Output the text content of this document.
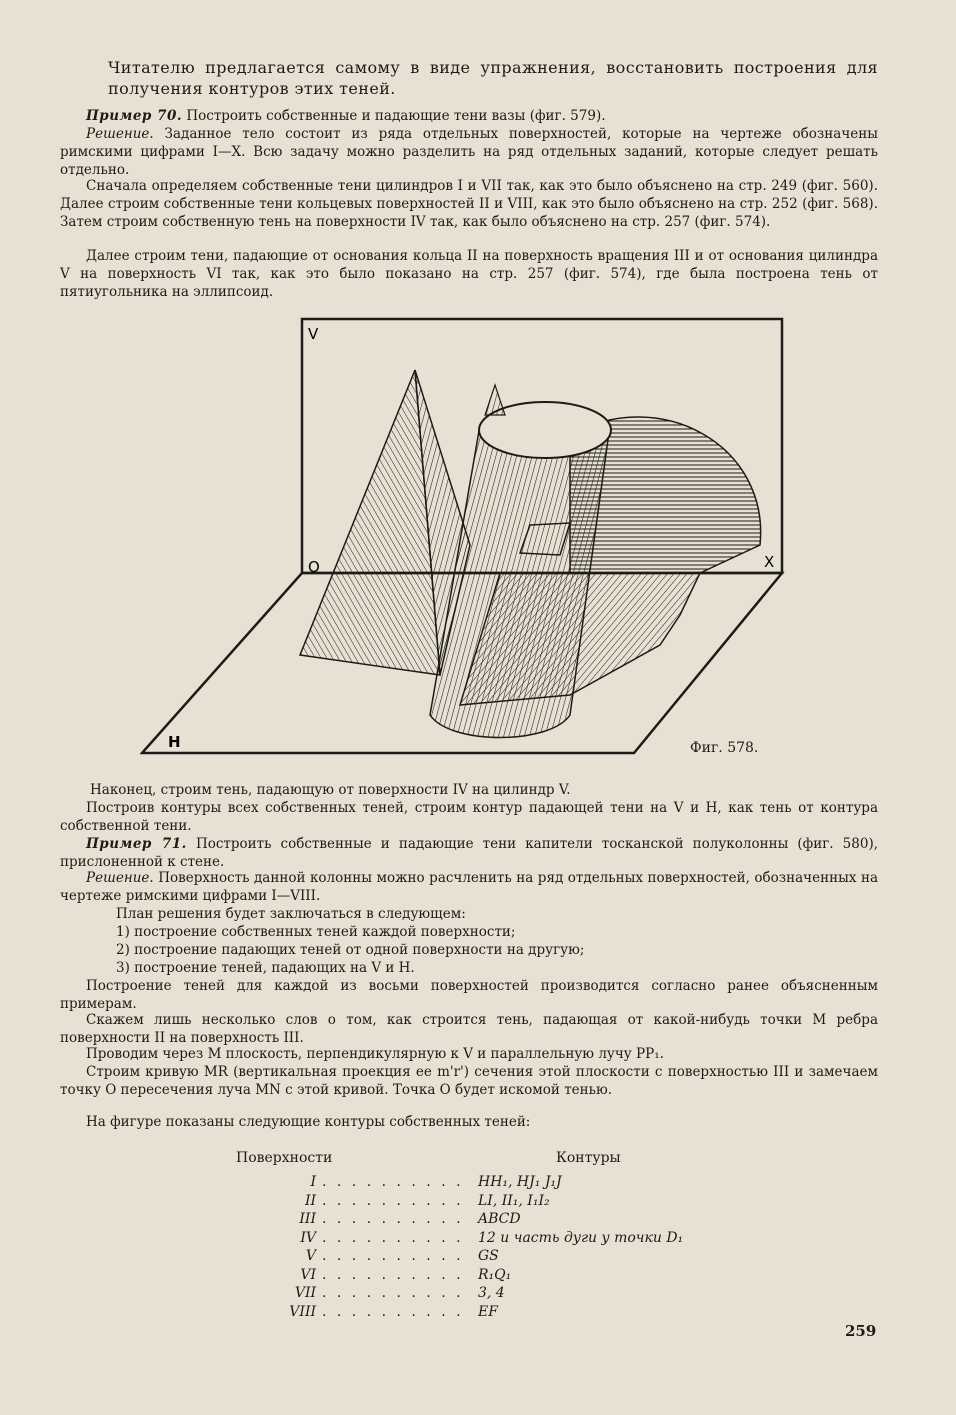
Читателю предлагается самому в виде упражнения, восстановить построения для получения контуров этих теней.

Пример 70. Построить собственные и падающие тени вазы (фиг. 579).

Решение. Заданное тело состоит из ряда отдельных поверхностей, которые на чертеже обозначены римскими цифрами I—X. Всю задачу можно разделить на ряд отдельных заданий, которые следует решать отдельно.

Сначала определяем собственные тени цилиндров I и VII так, как это было объяснено на стр. 249 (фиг. 560). Далее строим собственные тени кольцевых поверхностей II и VIII, как это было объяснено на стр. 252 (фиг. 568). Затем строим собственную тень на поверхности IV так, как было объяснено на стр. 257 (фиг. 574).

Далее строим тени, падающие от основания кольца II на поверхность вращения III и от основания цилиндра V на поверхность VI так, как это было показано на стр. 257 (фиг. 574), где была построена тень от пятиугольника на эллипсоид.

V
O	X
H	Фиг. 578.

Наконец, строим тень, падающую от поверхности IV на цилиндр V.

Построив контуры всех собственных теней, строим контур падающей тени на V и H, как тень от контура собственной тени.

Пример 71. Построить собственные и падающие тени капители тосканской полуколонны (фиг. 580), прислоненной к стене.

Решение. Поверхность данной колонны можно расчленить на ряд отдельных поверхностей, обозначенных на чертеже римскими цифрами I—VIII.

План решения будет заключаться в следующем:

1) построение собственных теней каждой поверхности;

2) построение падающих теней от одной поверхности на другую;

3) построение теней, падающих на V и H.

Построение теней для каждой из восьми поверхностей производится согласно ранее объясненным примерам.

Скажем лишь несколько слов о том, как строится тень, падающая от какой-нибудь точки M ребра поверхности II на поверхность III.

Проводим через M плоскость, перпендикулярную к V и параллельную лучу PP₁.

Строим кривую MR (вертикальная проекция ее m'r') сечения этой плоскости с поверхностью III и замечаем точку O пересечения луча MN с этой кривой. Точка O будет искомой тенью.

На фигуре показаны следующие контуры собственных теней:

Поверхности	Контуры
I . . . . . . . . . . HH₁, HJ₁ J₁J
II . . . . . . . . . . LI, II₁, I₁I₂
III . . . . . . . . . . ABCD
IV . . . . . . . . . . 12 и часть дуги у точки D₁
V . . . . . . . . . . GS
VI . . . . . . . . . . R₁Q₁
VII . . . . . . . . . . 3, 4
VIII . . . . . . . . . . EF
259
